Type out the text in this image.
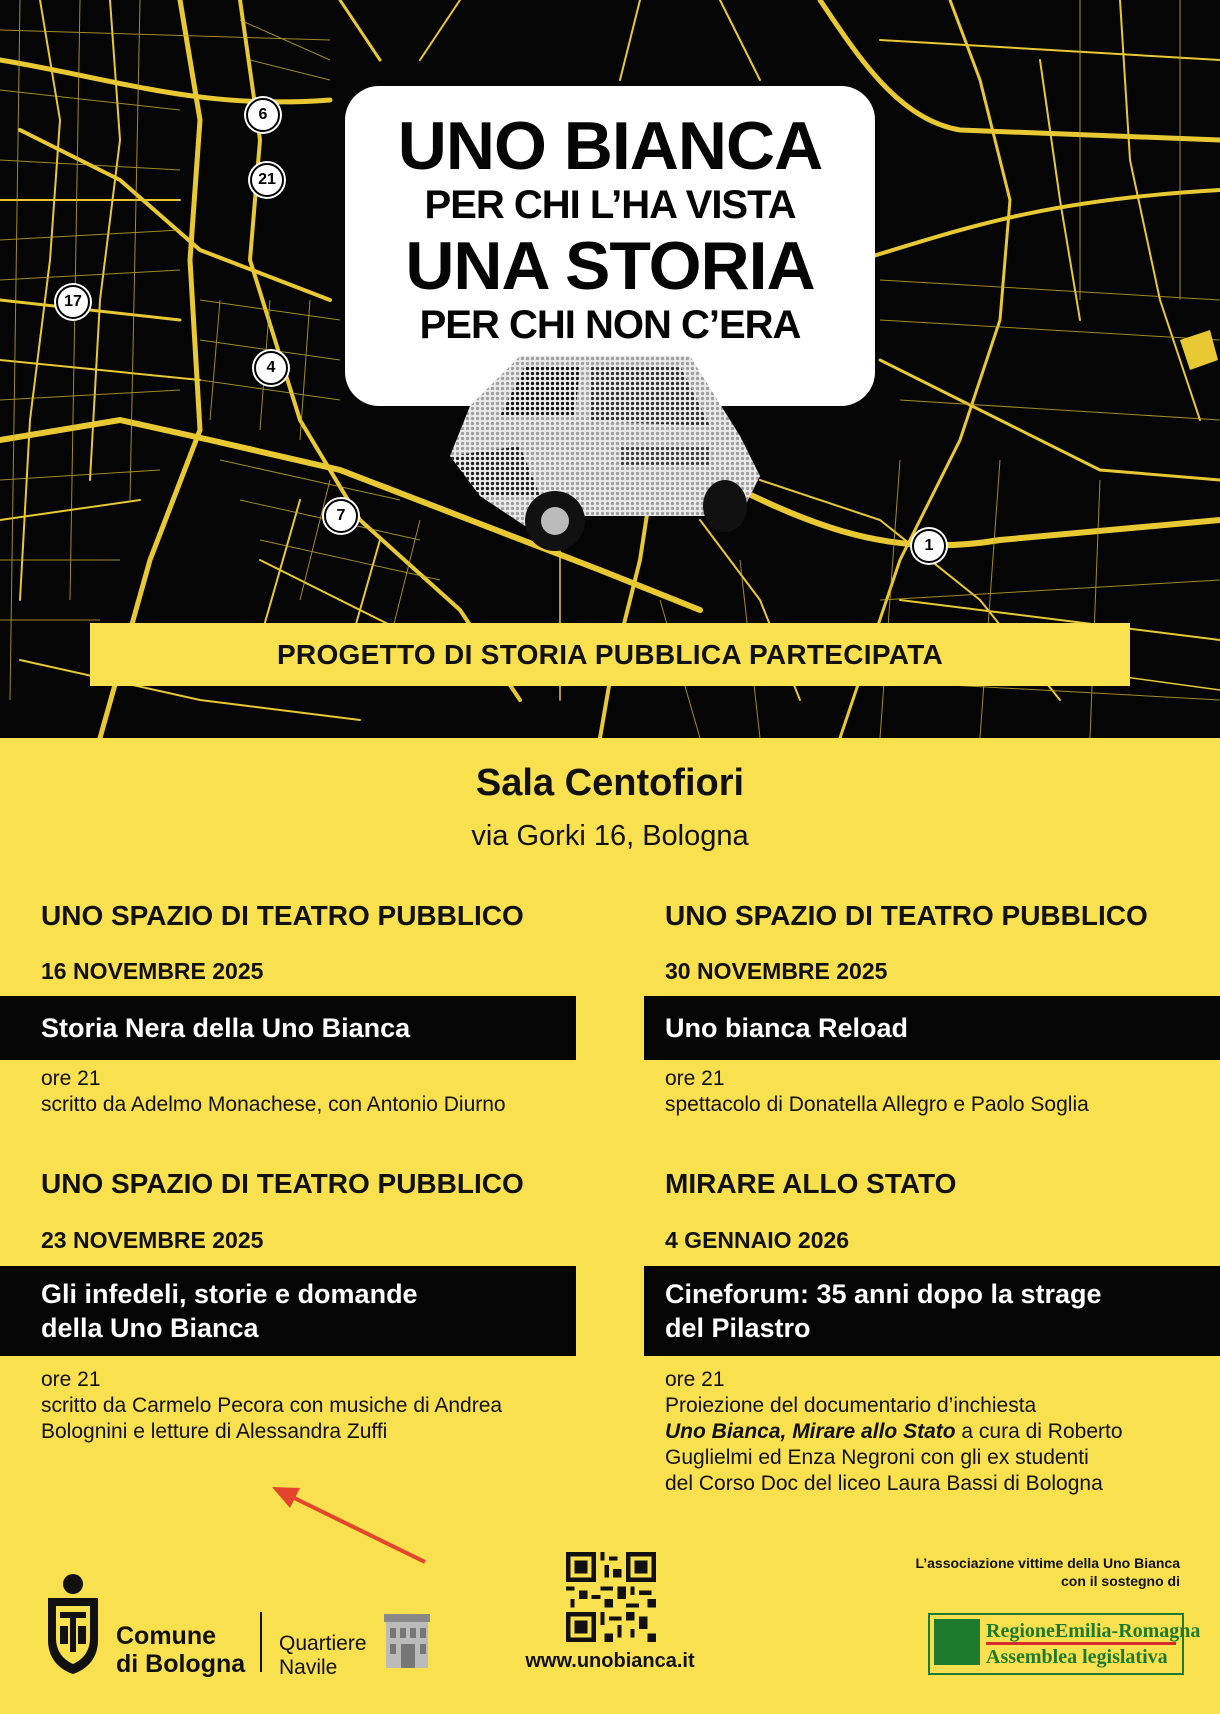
6
21
17
4
7
1
UNO BIANCA
PER CHI L’HA VISTA
UNA STORIA
PER CHI NON C’ERA
PROGETTO DI STORIA PUBBLICA PARTECIPATA
Sala Centofiori
via Gorki 16, Bologna
UNO SPAZIO DI TEATRO PUBBLICO
16 NOVEMBRE 2025
Storia Nera della Uno Bianca
ore 21
scritto da Adelmo Monachese, con Antonio Diurno
UNO SPAZIO DI TEATRO PUBBLICO
30 NOVEMBRE 2025
Uno bianca Reload
ore 21
spettacolo di Donatella Allegro e Paolo Soglia
UNO SPAZIO DI TEATRO PUBBLICO
23 NOVEMBRE 2025
Gli infedeli, storie e domande
della Uno Bianca
ore 21
scritto da Carmelo Pecora con musiche di Andrea
Bolognini e letture di Alessandra Zuffi
MIRARE ALLO STATO
4 GENNAIO 2026
Cineforum: 35 anni dopo la strage
del Pilastro
ore 21
Proiezione del documentario d’inchiesta
Uno Bianca, Mirare allo Stato a cura di Roberto
Guglielmi ed Enza Negroni con gli ex studenti
del Corso Doc del liceo Laura Bassi di Bologna
Comune
di Bologna
Quartiere
Navile	www.unobianca.it
L’associazione vittime della Uno Bianca
con il sostegno di
RegioneEmilia-Romagna
Assemblea legislativa
